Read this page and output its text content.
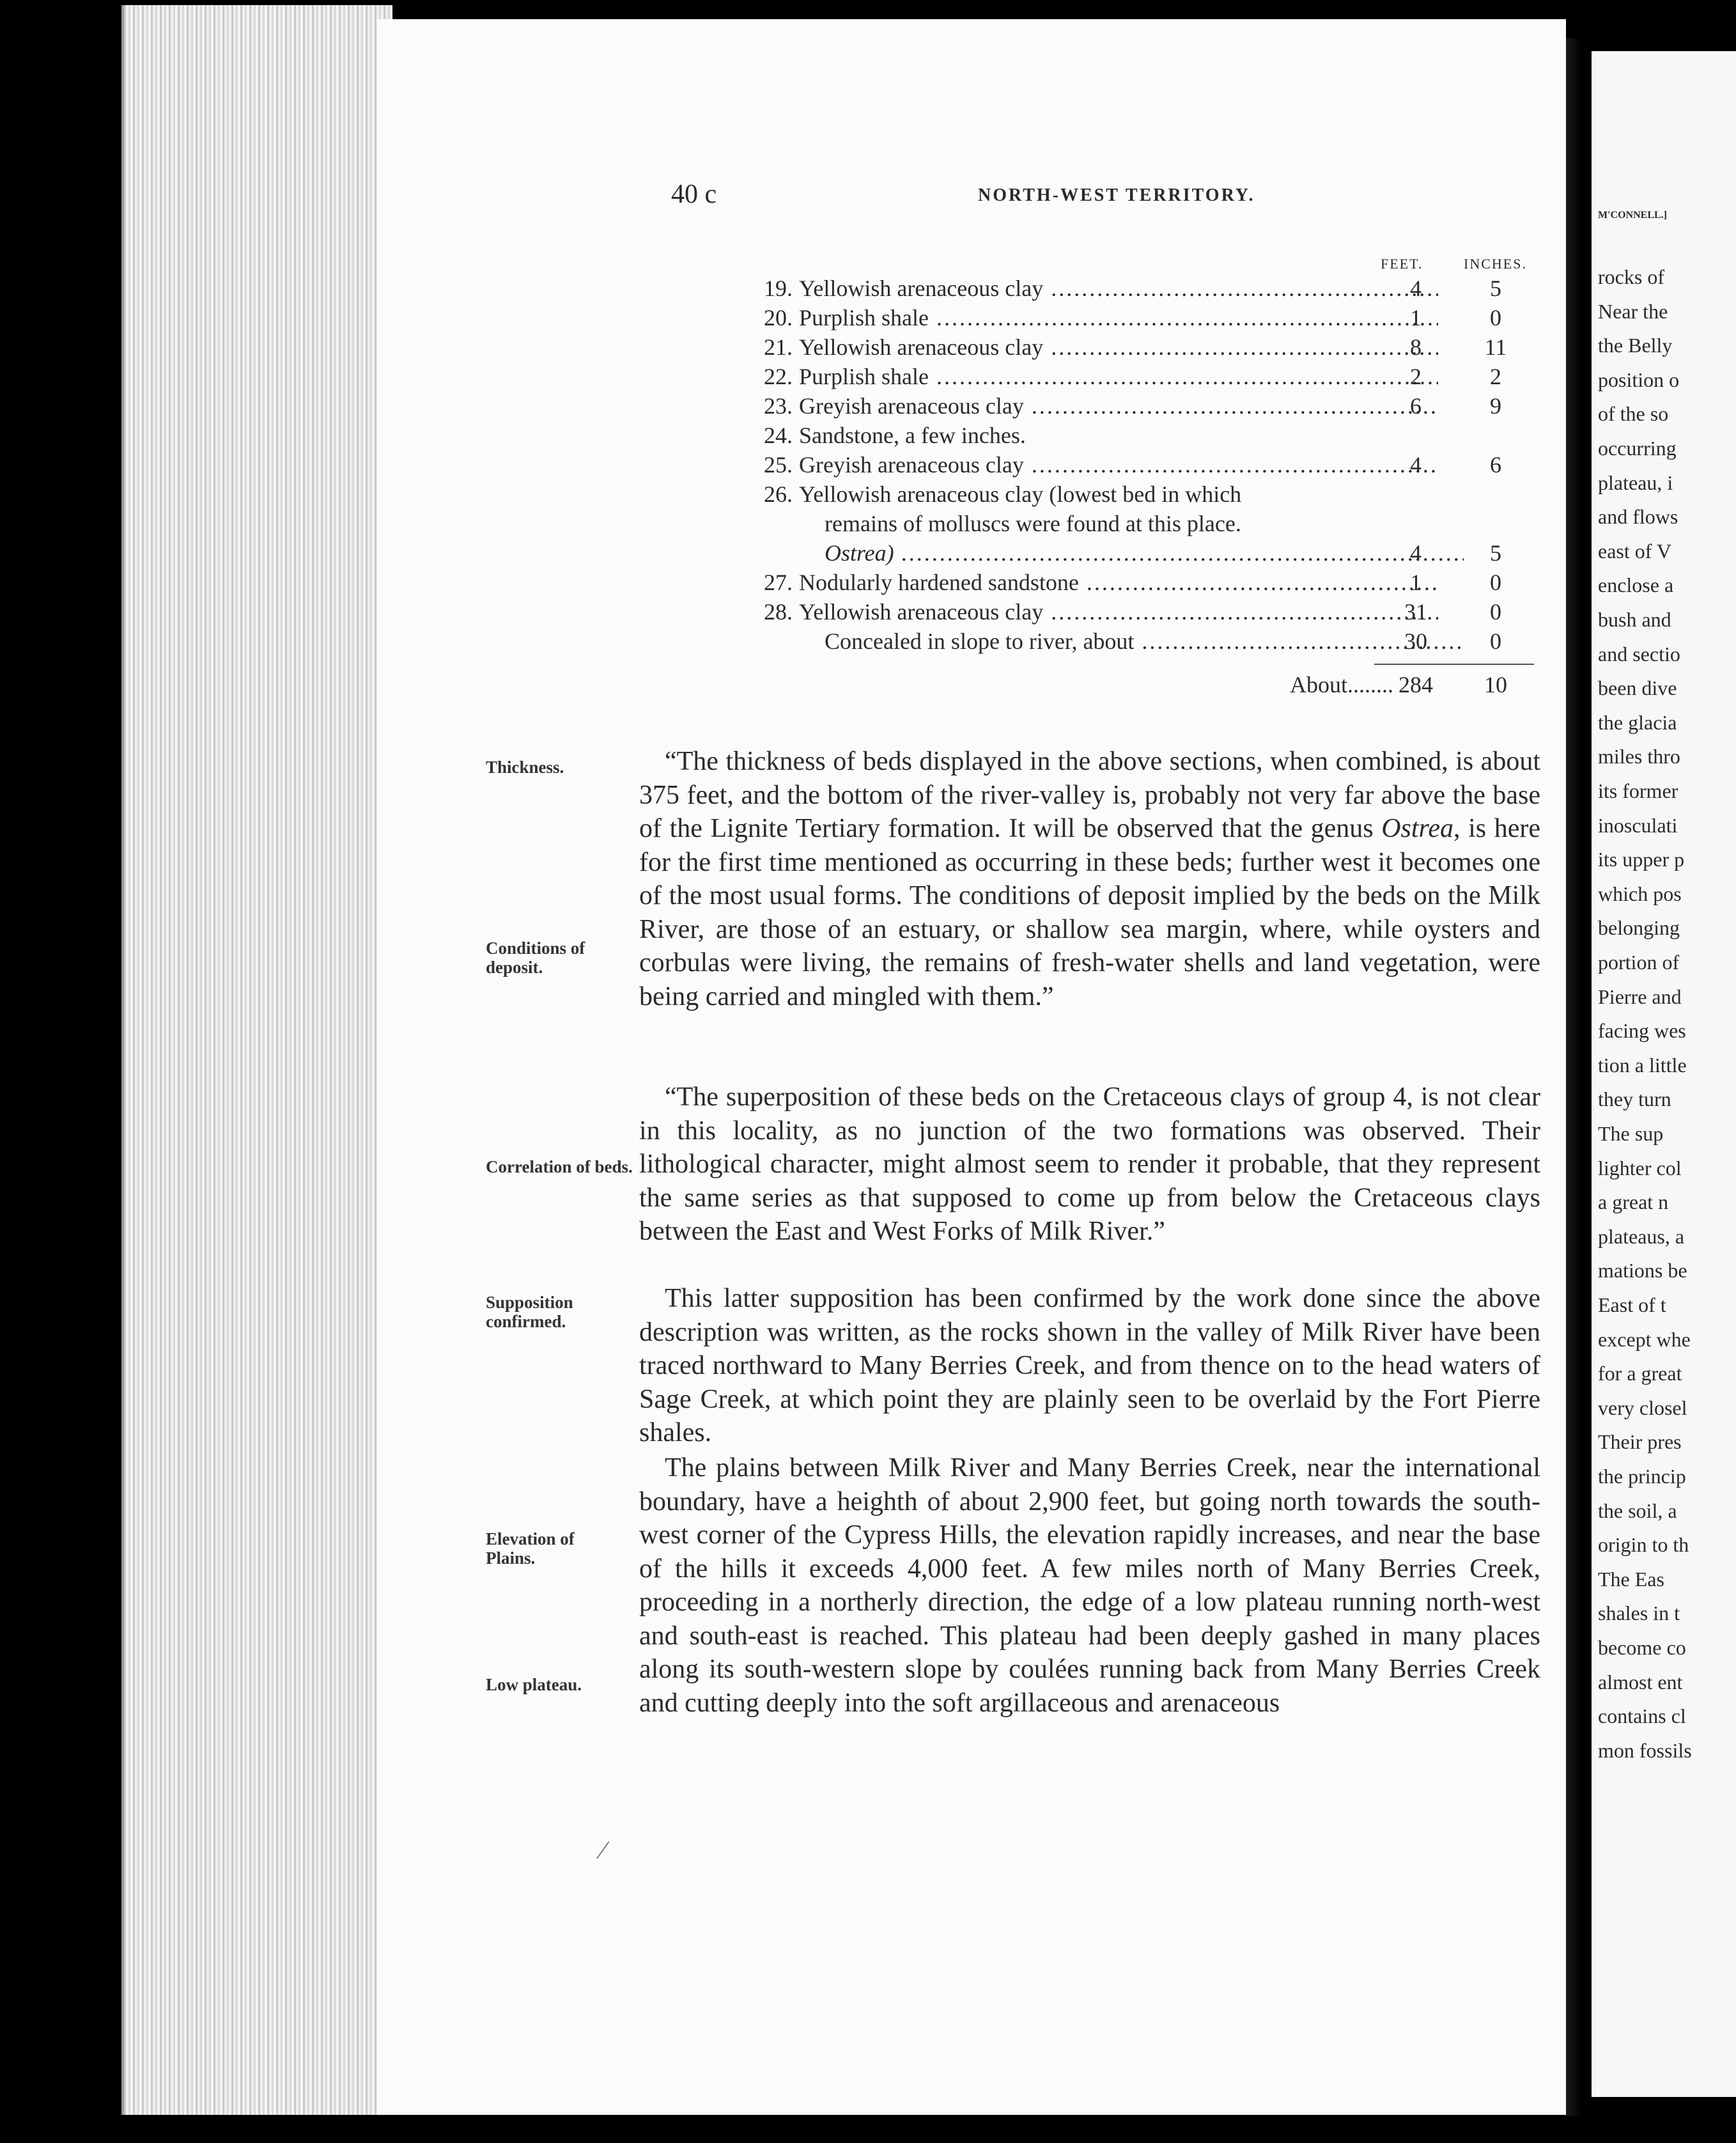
M'CONNELL.]
rocks of
Near the
the Belly
position o
of the so
occurring
plateau, i
and flows
east of V
enclose a
bush and
and sectio
been dive
the glacia
miles thro
its former
inosculati
its upper p
which pos
belonging
portion of
Pierre and
facing wes
tion a little
they turn
The sup
lighter col
a great n
plateaus, a
mations be
East of t
except whe
for a great
very closel
Their pres
the princip
the soil, a
origin to th
The Eas
shales in t
become co
almost ent
contains cl
mon fossils
40 c	NORTH-WEST TERRITORY.
FEET.	INCHES.
19. Yellowish arenaceous clay .....	4	5
20. Purplish shale .....	1	0
21. Yellowish arenaceous clay .....	8	11
22. Purplish shale .....	2	2
23. Greyish arenaceous clay .....	6	9
24. Sandstone, a few inches.
25. Greyish arenaceous clay .....	4	6
26. Yellowish arenaceous clay (lowest bed in which
remains of molluscs were found at this place.
Ostrea) .....	4	5
27. Nodularly hardened sandstone .....	1	0
28. Yellowish arenaceous clay .....	31	0
Concealed in slope to river, about .....	30	0
About........ 284	10
Thickness.
Conditions of deposit.
Correlation of beds.
Supposition confirmed.
Elevation of Plains.
Low plateau.

“The thickness of beds displayed in the above sections, when combined, is about 375 feet, and the bottom of the river-valley is, probably not very far above the base of the Lignite Tertiary formation. It will be observed that the genus Ostrea, is here for the first time mentioned as occurring in these beds; further west it becomes one of the most usual forms. The conditions of deposit implied by the beds on the Milk River, are those of an estuary, or shallow sea margin, where, while oysters and corbulas were living, the remains of fresh-water shells and land vegetation, were being carried and mingled with them.”

“The superposition of these beds on the Cretaceous clays of group 4, is not clear in this locality, as no junction of the two formations was observed. Their lithological character, might almost seem to render it probable, that they represent the same series as that supposed to come up from below the Cretaceous clays between the East and West Forks of Milk River.”

This latter supposition has been confirmed by the work done since the above description was written, as the rocks shown in the valley of Milk River have been traced northward to Many Berries Creek, and from thence on to the head waters of Sage Creek, at which point they are plainly seen to be overlaid by the Fort Pierre shales.

The plains between Milk River and Many Berries Creek, near the international boundary, have a heighth of about 2,900 feet, but going north towards the south-west corner of the Cypress Hills, the elevation rapidly increases, and near the base of the hills it exceeds 4,000 feet. A few miles north of Many Berries Creek, proceeding in a northerly direction, the edge of a low plateau running north-west and south-east is reached. This plateau had been deeply gashed in many places along its south-western slope by coulées running back from Many Berries Creek and cutting deeply into the soft argillaceous and arenaceous

⁄
